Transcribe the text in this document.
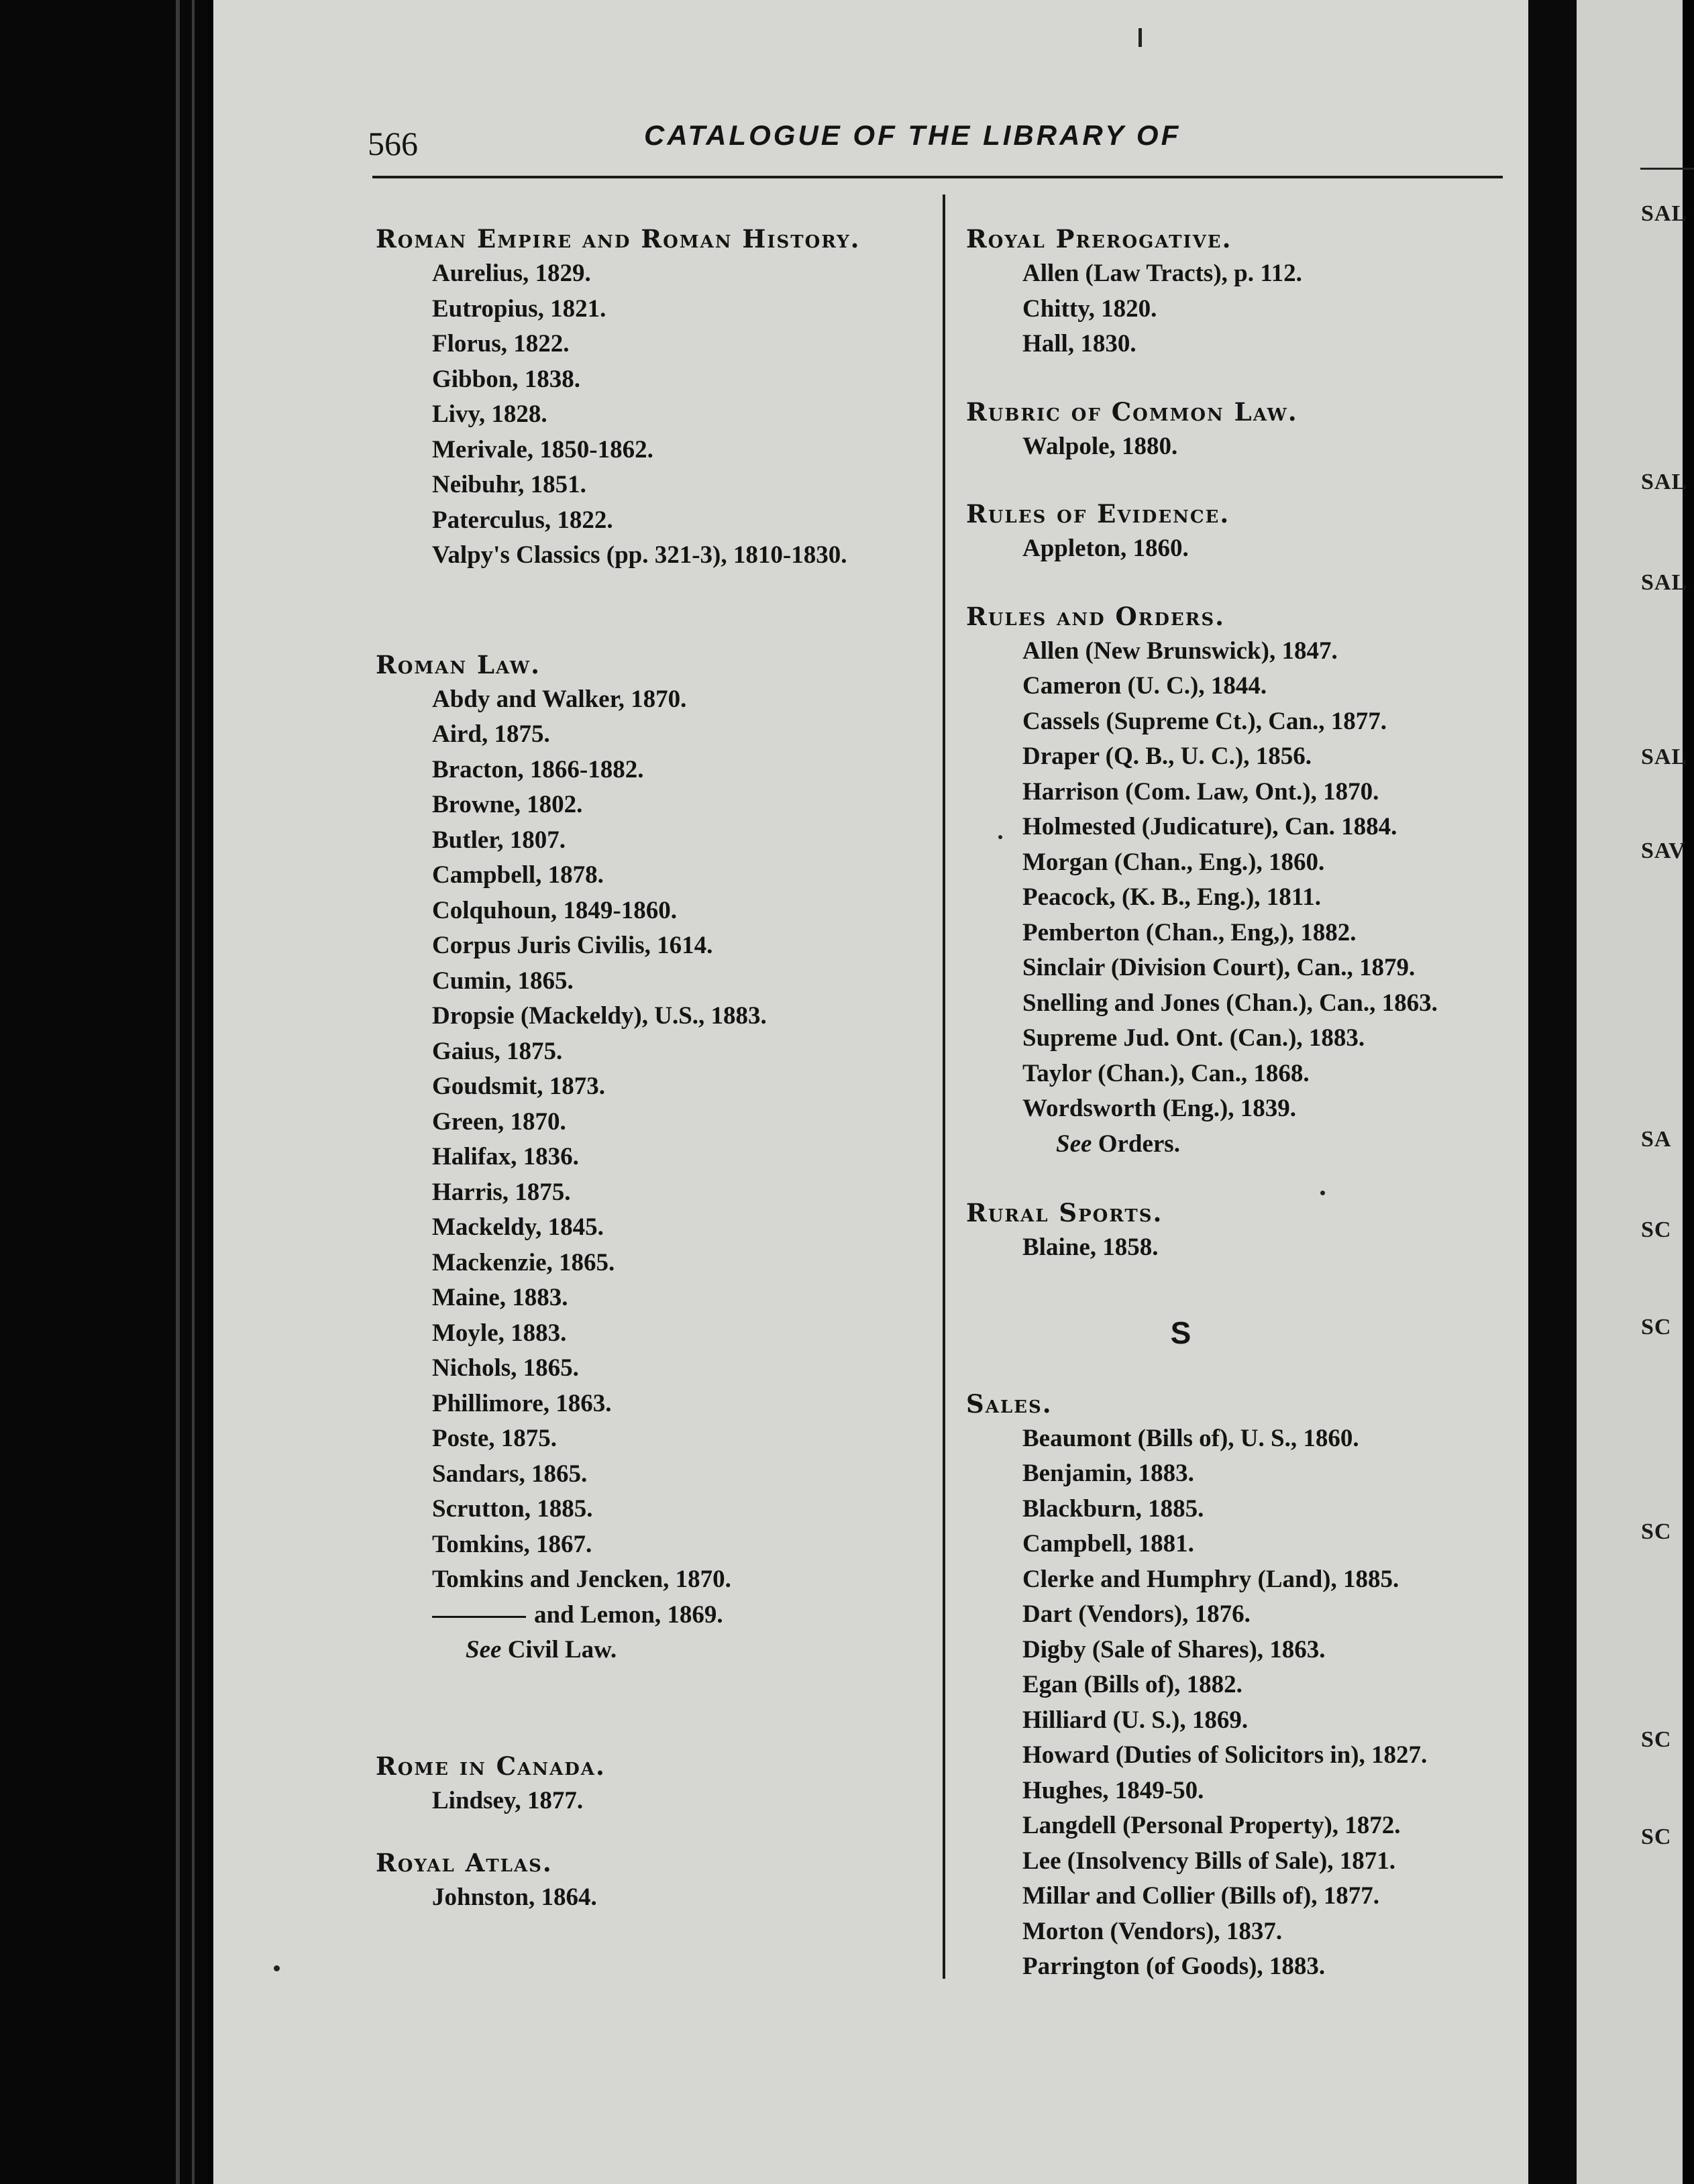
SAL
SAL
SAL
SAL
SAV
SA
SC
SC
SC
SC
SC
566	CATALOGUE OF THE LIBRARY OF
Roman Empire and Roman History.
Aurelius, 1829.
Eutropius, 1821.
Florus, 1822.
Gibbon, 1838.
Livy, 1828.
Merivale, 1850-1862.
Neibuhr, 1851.
Paterculus, 1822.
Valpy's Classics (pp. 321-3), 1810-1830.
Roman Law.
Abdy and Walker, 1870.
Aird, 1875.
Bracton, 1866-1882.
Browne, 1802.
Butler, 1807.
Campbell, 1878.
Colquhoun, 1849-1860.
Corpus Juris Civilis, 1614.
Cumin, 1865.
Dropsie (Mackeldy), U.S., 1883.
Gaius, 1875.
Goudsmit, 1873.
Green, 1870.
Halifax, 1836.
Harris, 1875.
Mackeldy, 1845.
Mackenzie, 1865.
Maine, 1883.
Moyle, 1883.
Nichols, 1865.
Phillimore, 1863.
Poste, 1875.
Sandars, 1865.
Scrutton, 1885.
Tomkins, 1867.
Tomkins and Jencken, 1870.
and Lemon, 1869.
See Civil Law.
Rome in Canada.
Lindsey, 1877.
Royal Atlas.
Johnston, 1864.
Royal Prerogative.
Allen (Law Tracts), p. 112.
Chitty, 1820.
Hall, 1830.
Rubric of Common Law.
Walpole, 1880.
Rules of Evidence.
Appleton, 1860.
Rules and Orders.
Allen (New Brunswick), 1847.
Cameron (U. C.), 1844.
Cassels (Supreme Ct.), Can., 1877.
Draper (Q. B., U. C.), 1856.
Harrison (Com. Law, Ont.), 1870.
Holmested (Judicature), Can. 1884.
Morgan (Chan., Eng.), 1860.
Peacock, (K. B., Eng.), 1811.
Pemberton (Chan., Eng,), 1882.
Sinclair (Division Court), Can., 1879.
Snelling and Jones (Chan.), Can., 1863.
Supreme Jud. Ont. (Can.), 1883.
Taylor (Chan.), Can., 1868.
Wordsworth (Eng.), 1839.
See Orders.
Rural Sports.
Blaine, 1858.
S
Sales.
Beaumont (Bills of), U. S., 1860.
Benjamin, 1883.
Blackburn, 1885.
Campbell, 1881.
Clerke and Humphry (Land), 1885.
Dart (Vendors), 1876.
Digby (Sale of Shares), 1863.
Egan (Bills of), 1882.
Hilliard (U. S.), 1869.
Howard (Duties of Solicitors in), 1827.
Hughes, 1849-50.
Langdell (Personal Property), 1872.
Lee (Insolvency Bills of Sale), 1871.
Millar and Collier (Bills of), 1877.
Morton (Vendors), 1837.
Parrington (of Goods), 1883.
